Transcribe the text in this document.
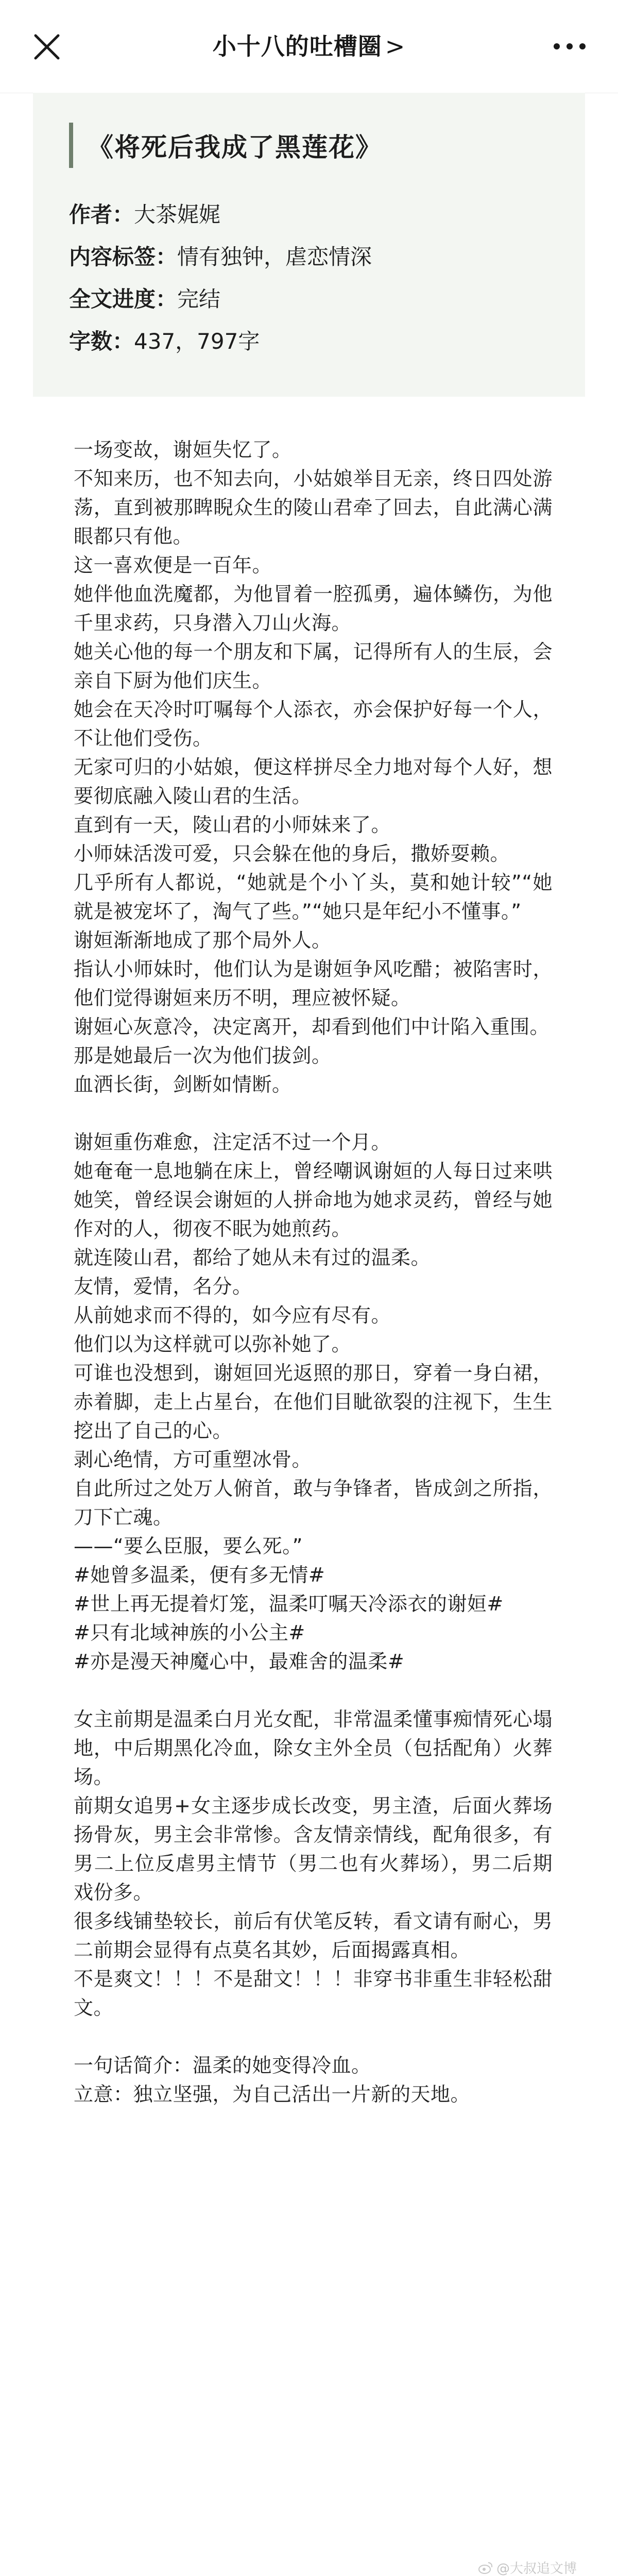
小十八的吐槽圈 >
《将死后我成了黑莲花》
作者：大茶娓娓
内容标签：情有独钟，虐恋情深
全文进度：完结
字数：437，797字

一场变故，谢姮失忆了。

不知来历，也不知去向，小姑娘举目无亲，终日四处游荡，直到被那睥睨众生的陵山君牵了回去，自此满心满眼都只有他。

这一喜欢便是一百年。

她伴他血洗魔都，为他冒着一腔孤勇，遍体鳞伤，为他千里求药，只身潜入刀山火海。

她关心他的每一个朋友和下属，记得所有人的生辰，会亲自下厨为他们庆生。

她会在天冷时叮嘱每个人添衣，亦会保护好每一个人，不让他们受伤。

无家可归的小姑娘，便这样拼尽全力地对每个人好，想要彻底融入陵山君的生活。

直到有一天，陵山君的小师妹来了。

小师妹活泼可爱，只会躲在他的身后，撒娇耍赖。

几乎所有人都说，“她就是个小丫头，莫和她计较”“她就是被宠坏了，淘气了些。”“她只是年纪小不懂事。”

谢姮渐渐地成了那个局外人。

指认小师妹时，他们认为是谢姮争风吃醋；被陷害时，他们觉得谢姮来历不明，理应被怀疑。

谢姮心灰意冷，决定离开，却看到他们中计陷入重围。

那是她最后一次为他们拔剑。

血洒长街，剑断如情断。

谢姮重伤难愈，注定活不过一个月。

她奄奄一息地躺在床上，曾经嘲讽谢姮的人每日过来哄她笑，曾经误会谢姮的人拼命地为她求灵药，曾经与她作对的人，彻夜不眠为她煎药。

就连陵山君，都给了她从未有过的温柔。

友情，爱情，名分。

从前她求而不得的，如今应有尽有。

他们以为这样就可以弥补她了。

可谁也没想到，谢姮回光返照的那日，穿着一身白裙，赤着脚，走上占星台，在他们目眦欲裂的注视下，生生挖出了自己的心。

剥心绝情，方可重塑冰骨。

自此所过之处万人俯首，敢与争锋者，皆成剑之所指，刀下亡魂。

——“要么臣服，要么死。”

#她曾多温柔，便有多无情#

#世上再无提着灯笼，温柔叮嘱天冷添衣的谢姮#

#只有北域神族的小公主#

#亦是漫天神魔心中，最难舍的温柔#

女主前期是温柔白月光女配，非常温柔懂事痴情死心塌地，中后期黑化冷血，除女主外全员（包括配角）火葬场。

前期女追男+女主逐步成长改变，男主渣，后面火葬场扬骨灰，男主会非常惨。含友情亲情线，配角很多，有男二上位反虐男主情节（男二也有火葬场），男二后期戏份多。

很多线铺垫较长，前后有伏笔反转，看文请有耐心，男二前期会显得有点莫名其妙，后面揭露真相。

不是爽文！！！不是甜文！！！非穿书非重生非轻松甜文。

一句话简介：温柔的她变得冷血。

立意：独立坚强，为自己活出一片新的天地。

@大叔追文博
